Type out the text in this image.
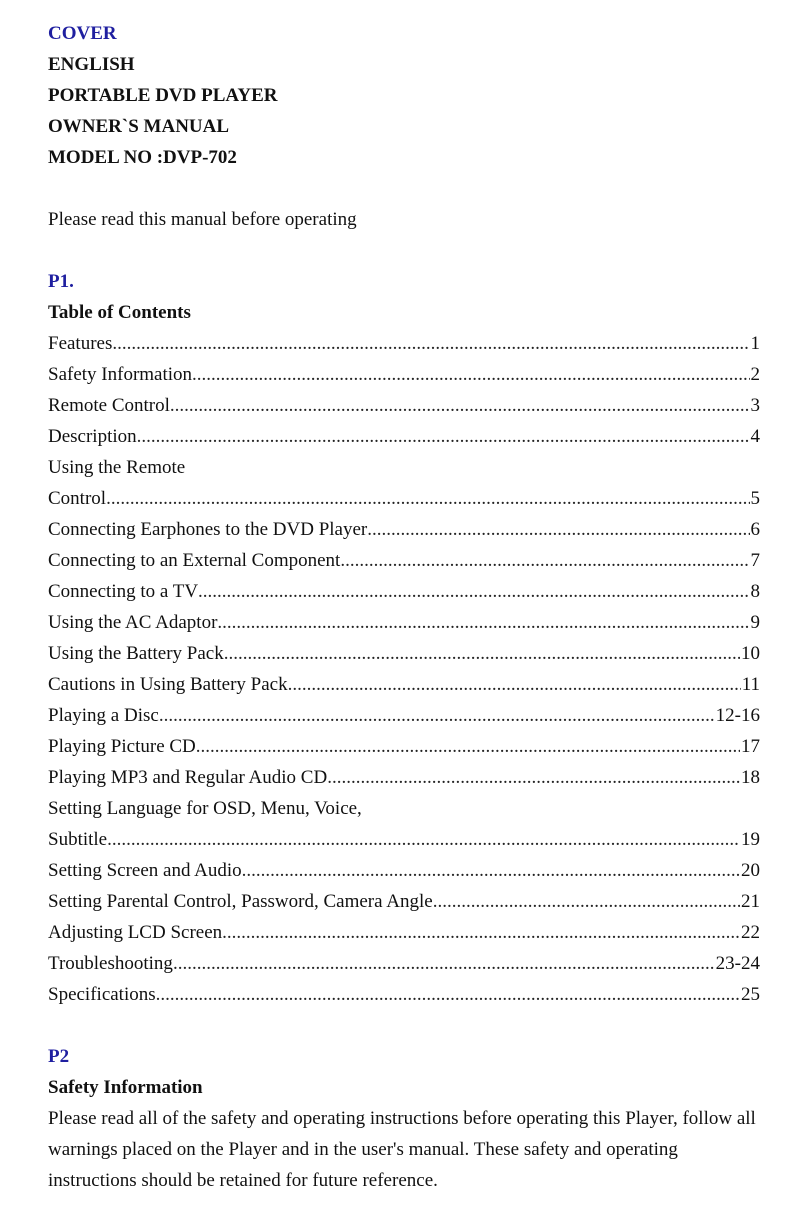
COVER
ENGLISH
PORTABLE DVD PLAYER
OWNER`S MANUAL
MODEL NO :DVP-702
Please read this manual before operating
P1.
Table of Contents
Features .....	1
Safety Information .....	2
Remote Control .....	3
Description .....	4
Using the Remote
Control .....	5
Connecting Earphones to the DVD Player .....	6
Connecting to an External Component .....	7
Connecting to a TV .....	8
Using the AC Adaptor .....	9
Using the Battery Pack .....	10
Cautions in Using Battery Pack .....	11
Playing a Disc .....	12-16
Playing Picture CD .....	17
Playing MP3 and Regular Audio CD .....	18
Setting Language for OSD, Menu, Voice,
Subtitle .....	19
Setting Screen and Audio .....	20
Setting Parental Control, Password, Camera Angle .....	21
Adjusting LCD Screen .....	22
Troubleshooting .....	23-24
Specifications .....	25
P2
Safety Information
Please read all of the safety and operating instructions before operating this Player, follow all warnings placed on the Player and in the user's manual. These safety and operating instructions should be retained for future reference.
